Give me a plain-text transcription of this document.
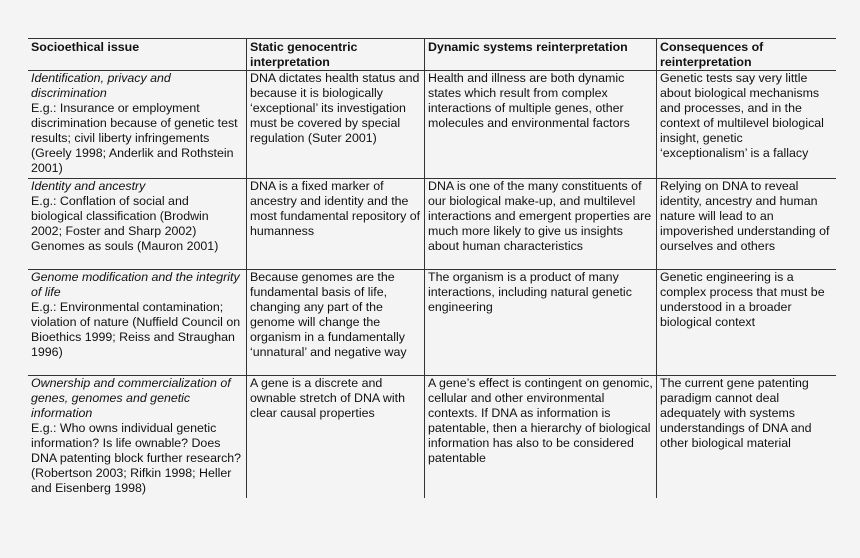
Socioethical issue	Static genocentric interpretation
Dynamic systems reinterpretation	Consequences of reinterpretation
Identification, privacy and discrimination
E.g.: Insurance or employment discrimination because of genetic test results; civil liberty infringements (Greely 1998; Anderlik and Rothstein 2001)
DNA dictates health status and because it is biologically ‘exceptional’ its investigation must be covered by special regulation (Suter 2001)
Health and illness are both dynamic states which result from complex interactions of multiple genes, other molecules and environmental factors
Genetic tests say very little about biological mechanisms and processes, and in the context of multilevel biological insight, genetic ‘exceptionalism’ is a fallacy
Identity and ancestry
E.g.: Conflation of social and biological classification (Brodwin 2002; Foster and Sharp 2002) Genomes as souls (Mauron 2001)
DNA is a fixed marker of ancestry and identity and the most fundamental repository of humanness
DNA is one of the many constituents of our biological make-up, and multilevel interactions and emergent properties are much more likely to give us insights about human characteristics
Relying on DNA to reveal identity, ancestry and human nature will lead to an impoverished understanding of ourselves and others
Genome modification and the integrity of life
E.g.: Environmental contamination; violation of nature (Nuffield Council on Bioethics 1999; Reiss and Straughan 1996)
Because genomes are the fundamental basis of life, changing any part of the genome will change the organism in a fundamentally ‘unnatural’ and negative way
The organism is a product of many interactions, including natural genetic engineering
Genetic engineering is a complex process that must be understood in a broader biological context
Ownership and commercialization of genes, genomes and genetic information
E.g.: Who owns individual genetic information? Is life ownable? Does DNA patenting block further research? (Robertson 2003; Rifkin 1998; Heller and Eisenberg 1998)
A gene is a discrete and ownable stretch of DNA with clear causal properties
A gene’s effect is contingent on genomic, cellular and other environmental contexts. If DNA as information is patentable, then a hierarchy of biological information has also to be considered patentable
The current gene patenting paradigm cannot deal adequately with systems understandings of DNA and other biological material
